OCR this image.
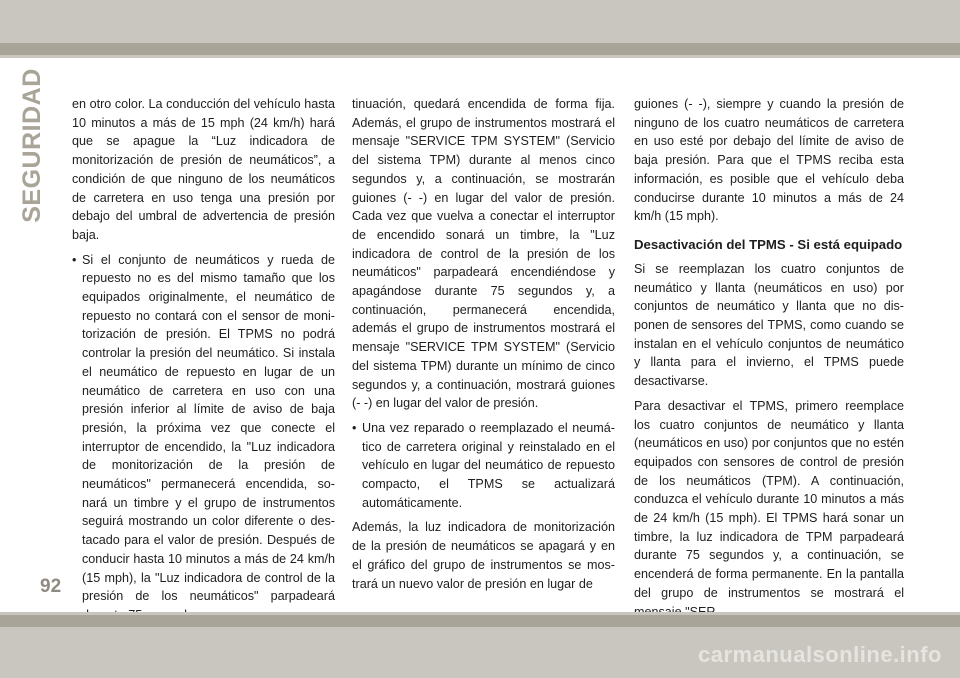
SEGURIDAD en otro color. La conducción del vehículo hasta 10 minutos a más de 15 mph (24 km/h) hará que se apague la “Luz indicadora de monitorización de presión de neumáticos”, a condición de que ninguno de los neumáticos de carretera en uso tenga una presión por debajo del umbral de advertencia de presión baja.

• Si el conjunto de neumáticos y rueda de repuesto no es del mismo tamaño que los equipados originalmente, el neumático de repuesto no contará con el sensor de monitorización de presión. El TPMS no podrá controlar la presión del neumático. Si instala el neumático de repuesto en lugar de un neumático de carretera en uso con una presión inferior al límite de aviso de baja presión, la próxima vez que conecte el interruptor de encendido, la "Luz indicadora de monitorización de la presión de neumáticos" permanecerá encendida, sonará un timbre y el grupo de instrumentos seguirá mostrando un color diferente o destacado para el valor de presión. Después de conducir hasta 10 minutos a más de 24 km/h (15 mph), la "Luz indicadora de control de la presión de los neumáticos" parpadeará

tinuación, quedará encendida de forma fija. Además, el grupo de instrumentos mostrará el mensaje "SERVICE TPM SYSTEM" (Servicio del sistema TPM) durante al menos cinco segundos y, a continuación, se mostrarán guiones (- -) en lugar del valor de presión. Cada vez que vuelva a conectar el interruptor de encendido sonará un timbre, la "Luz indicadora de control de la presión de los neumáticos" parpadeará encendiéndose y apagándose durante 75 segundos y, a continuación, permanecerá encendida, además el grupo de instrumentos mostrará el mensaje "SERVICE TPM SYSTEM" (Servicio del sistema TPM) durante un mínimo de cinco segundos y, a continuación, mostrará guiones (- -) en lugar del valor de presión.

• Una vez reparado o reemplazado el neumático de carretera original y reinstalado en el vehículo en lugar del neumático de repuesto compacto, el TPMS se actualizará automáticamente.

Además, la luz indicadora de monitorización de la presión de neumáticos se apagará y en el gráfico del grupo de instrumentos se mostrará un nuevo valor de presión en lugar de

guiones (- -), siempre y cuando la presión de ninguno de los cuatro neumáticos de carretera en uso esté por debajo del límite de aviso de baja presión. Para que el TPMS reciba esta información, es posible que el vehículo deba conducirse durante 10 minutos a más de 24 km/h (15 mph).

Desactivación del TPMS - Si está equipado

Si se reemplazan los cuatro conjuntos de neumático y llanta (neumáticos en uso) por conjuntos de neumático y llanta que no disponen de sensores del TPMS, como cuando se instalan en el vehículo conjuntos de neumático y llanta para el invierno, el TPMS puede desactivarse.

Para desactivar el TPMS, primero reemplace los cuatro conjuntos de neumático y llanta (neumáticos en uso) por conjuntos que no estén equipados con sensores de control de presión de los neumáticos (TPM). A continuación, conduzca el vehículo durante 10 minutos a más de 24 km/h (15 mph). El TPMS hará sonar un timbre, la luz indicadora de TPM parpadeará durante 75 segundos y, a continuación, se encenderá de forma permanente. En la pantalla del grupo de instrumentos se mostrará el

92
carmanualsonline.info
